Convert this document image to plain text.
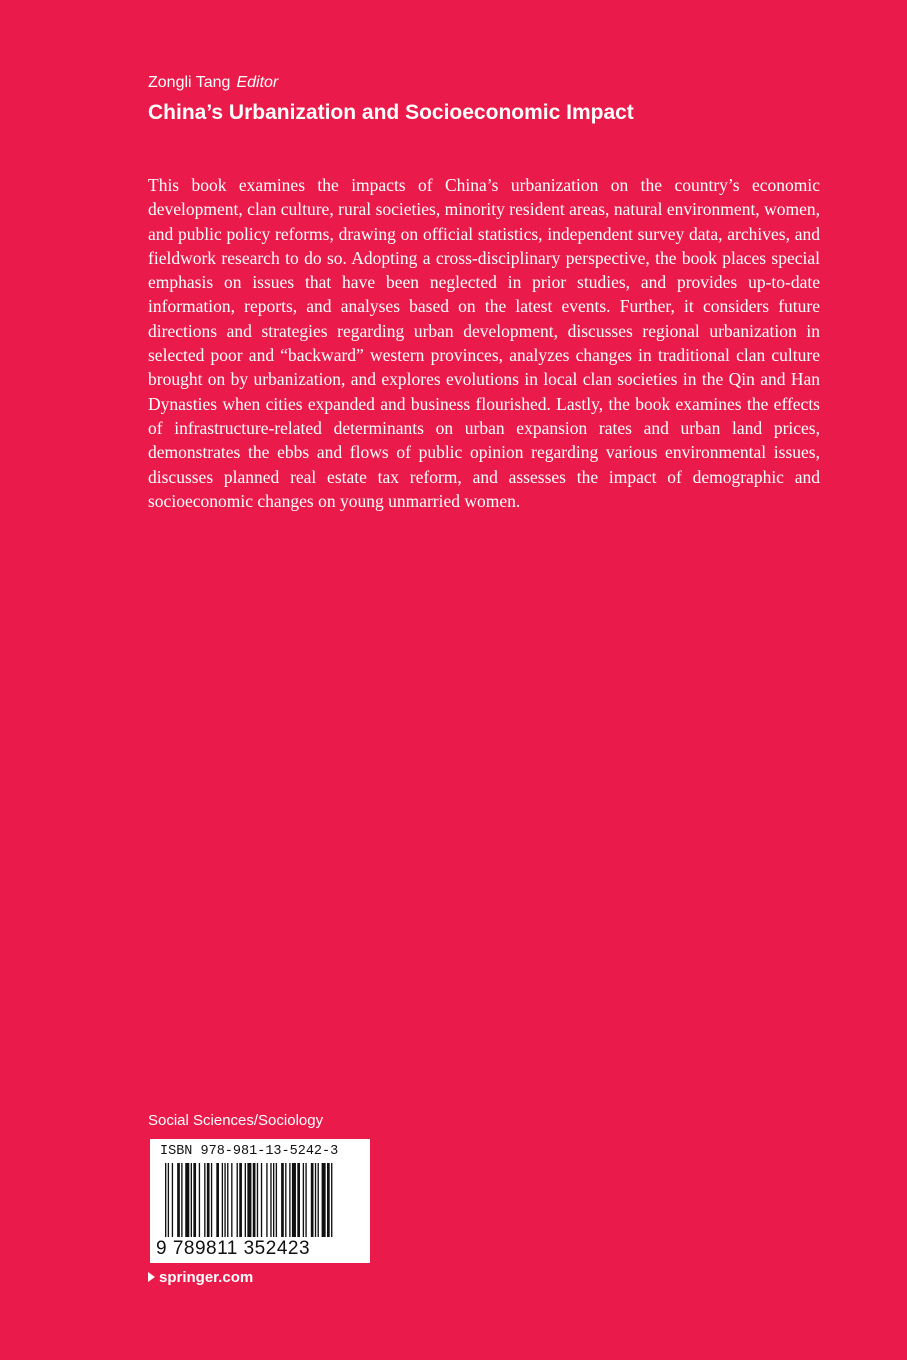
Zongli Tang Editor
China’s Urbanization and Socioeconomic Impact

This book examines the impacts of China’s urbanization on the country’s economic development, clan culture, rural societies, minority resident areas, natural environment, women, and public policy reforms, drawing on official statistics, independent survey data, archives, and fieldwork research to do so. Adopting a cross-disciplinary perspective, the book places special emphasis on issues that have been neglected in prior studies, and provides up-to-date information, reports, and analyses based on the latest events. Further, it considers future directions and strategies regarding urban development, discusses regional urbanization in selected poor and “backward” western provinces, analyzes changes in traditional clan culture brought on by urbanization, and explores evolutions in local clan societies in the Qin and Han Dynasties when cities expanded and business flourished. Lastly, the book examines the effects of infrastructure-related determinants on urban expansion rates and urban land prices, demonstrates the ebbs and flows of public opinion regarding various environmental issues, discusses planned real estate tax reform, and assesses the impact of demographic and socioeconomic changes on young unmarried women.

Social Sciences/Sociology
ISBN 978-981-13-5242-3
9 789811 352423
springer.com
